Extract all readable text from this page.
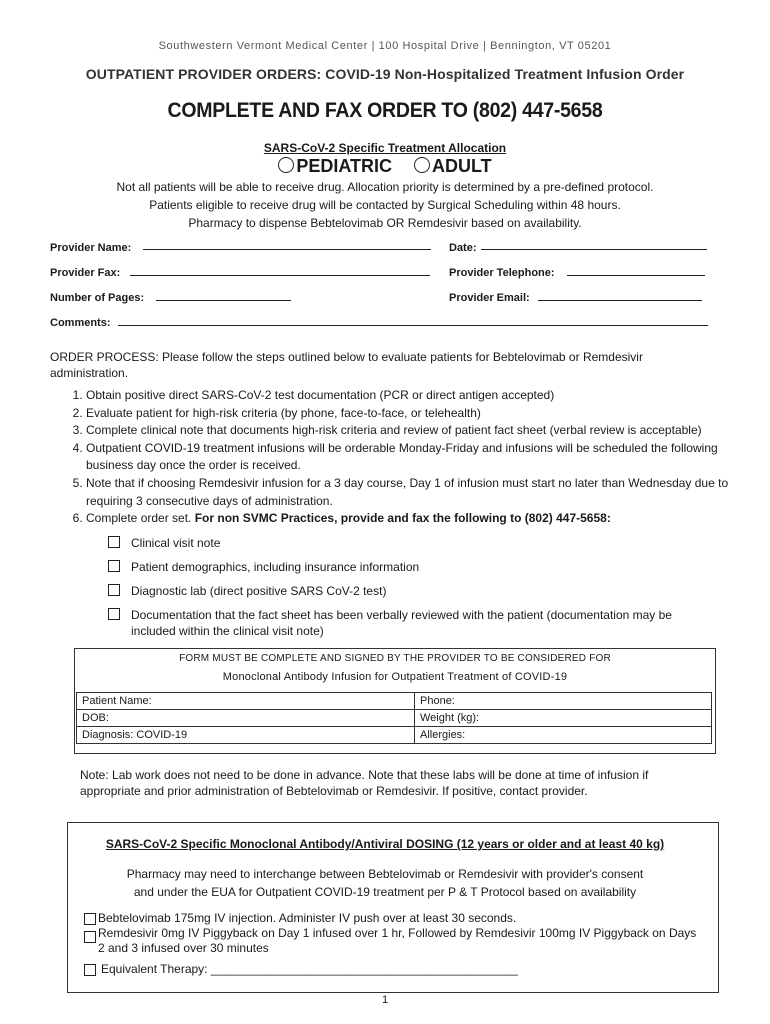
Southwestern Vermont Medical Center | 100 Hospital Drive | Bennington, VT 05201
OUTPATIENT PROVIDER ORDERS: COVID-19 Non-Hospitalized Treatment Infusion Order
COMPLETE AND FAX ORDER TO (802) 447-5658
SARS-CoV-2 Specific Treatment Allocation
PEDIATRIC ADULT
Not all patients will be able to receive drug. Allocation priority is determined by a pre-defined protocol.
Patients eligible to receive drug will be contacted by Surgical Scheduling within 48 hours.
Pharmacy to dispense Bebtelovimab OR Remdesivir based on availability.
Provider Name:	Date:
Provider Fax:	Provider Telephone:
Number of Pages:	Provider Email:
Comments:
ORDER PROCESS: Please follow the steps outlined below to evaluate patients for Bebtelovimab or Remdesivir administration.
1. Obtain positive direct SARS-CoV-2 test documentation (PCR or direct antigen accepted)
2. Evaluate patient for high-risk criteria (by phone, face-to-face, or telehealth)
3. Complete clinical note that documents high-risk criteria and review of patient fact sheet (verbal review is acceptable)
4. Outpatient COVID-19 treatment infusions will be orderable Monday-Friday and infusions will be scheduled the following business day once the order is received.
5. Note that if choosing Remdesivir infusion for a 3 day course, Day 1 of infusion must start no later than Wednesday due to requiring 3 consecutive days of administration.
6. Complete order set. For non SVMC Practices, provide and fax the following to (802) 447-5658:
Clinical visit note
Patient demographics, including insurance information
Diagnostic lab (direct positive SARS CoV-2 test)
Documentation that the fact sheet has been verbally reviewed with the patient (documentation may be included within the clinical visit note)
FORM MUST BE COMPLETE AND SIGNED BY THE PROVIDER TO BE CONSIDERED FOR
Monoclonal Antibody Infusion for Outpatient Treatment of COVID-19
Patient Name:	Phone:
DOB:	Weight (kg):
Diagnosis: COVID-19	Allergies:
Note: Lab work does not need to be done in advance. Note that these labs will be done at time of infusion if appropriate and prior administration of Bebtelovimab or Remdesivir. If positive, contact provider.
SARS-CoV-2 Specific Monoclonal Antibody/Antiviral DOSING (12 years or older and at least 40 kg)
Pharmacy may need to interchange between Bebtelovimab or Remdesivir with provider's consent
and under the EUA for Outpatient COVID-19 treatment per P & T Protocol based on availability
Bebtelovimab 175mg IV injection. Administer IV push over at least 30 seconds.
Remdesivir 0mg IV Piggyback on Day 1 infused over 1 hr, Followed by Remdesivir 100mg IV Piggyback on Days 2 and 3 infused over 30 minutes
Equivalent Therapy: ______________________________________________
1
